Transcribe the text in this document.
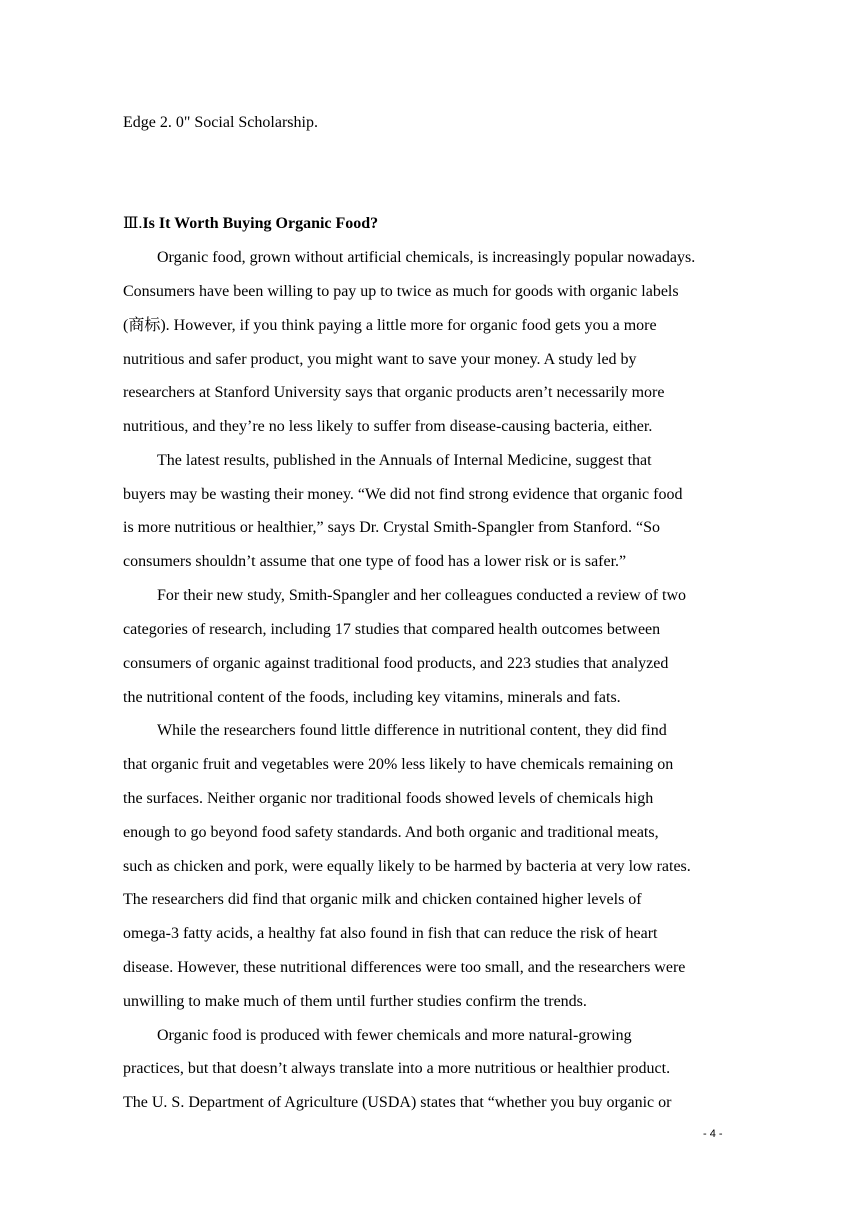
Edge 2. 0" Social Scholarship.
Ⅲ.Is It Worth Buying Organic Food?
Organic food, grown without artificial chemicals, is increasingly popular nowadays.
Consumers have been willing to pay up to twice as much for goods with organic labels
(商标). However, if you think paying a little more for organic food gets you a more
nutritious and safer product, you might want to save your money. A study led by
researchers at Stanford University says that organic products aren’t necessarily more
nutritious, and they’re no less likely to suffer from disease-causing bacteria, either.
The latest results, published in the Annuals of Internal Medicine, suggest that
buyers may be wasting their money. “We did not find strong evidence that organic food
is more nutritious or healthier,” says Dr. Crystal Smith-Spangler from Stanford. “So
consumers shouldn’t assume that one type of food has a lower risk or is safer.”
For their new study, Smith-Spangler and her colleagues conducted a review of two
categories of research, including 17 studies that compared health outcomes between
consumers of organic against traditional food products, and 223 studies that analyzed
the nutritional content of the foods, including key vitamins, minerals and fats.
While the researchers found little difference in nutritional content, they did find
that organic fruit and vegetables were 20% less likely to have chemicals remaining on
the surfaces. Neither organic nor traditional foods showed levels of chemicals high
enough to go beyond food safety standards. And both organic and traditional meats,
such as chicken and pork, were equally likely to be harmed by bacteria at very low rates.
The researchers did find that organic milk and chicken contained higher levels of
omega-3 fatty acids, a healthy fat also found in fish that can reduce the risk of heart
disease. However, these nutritional differences were too small, and the researchers were
unwilling to make much of them until further studies confirm the trends.
Organic food is produced with fewer chemicals and more natural-growing
practices, but that doesn’t always translate into a more nutritious or healthier product.
The U. S. Department of Agriculture (USDA) states that “whether you buy organic or
- 4 -
